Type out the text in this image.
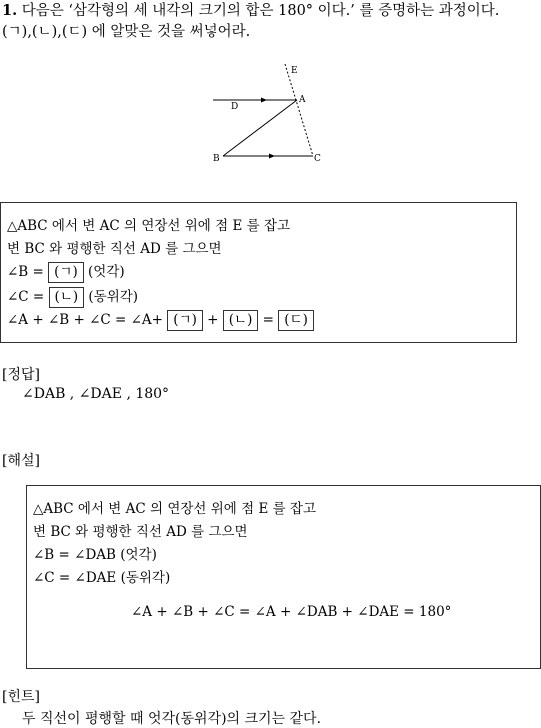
1. 다음은 ‘삼각형의 세 내각의 크기의 합은 180° 이다.’ 를 증명하는 과정이다.
(ㄱ),(ㄴ),(ㄷ) 에 알맞은 것을 써넣어라.
E
D
A
B	C
△ABC 에서 변 AC 의 연장선 위에 점 E 를 잡고
변 BC 와 평행한 직선 AD 를 그으면
∠B = (ㄱ) (엇각)
∠C = (ㄴ) (동위각)
∠A + ∠B + ∠C = ∠A+ (ㄱ) + (ㄴ) = (ㄷ)
[정답]
∠DAB , ∠DAE , 180°
[해설]
△ABC 에서 변 AC 의 연장선 위에 점 E 를 잡고
변 BC 와 평행한 직선 AD 를 그으면
∠B = ∠DAB (엇각)
∠C = ∠DAE (동위각)
∠A + ∠B + ∠C = ∠A + ∠DAB + ∠DAE = 180°
[힌트]
두 직선이 평행할 때 엇각(동위각)의 크기는 같다.
